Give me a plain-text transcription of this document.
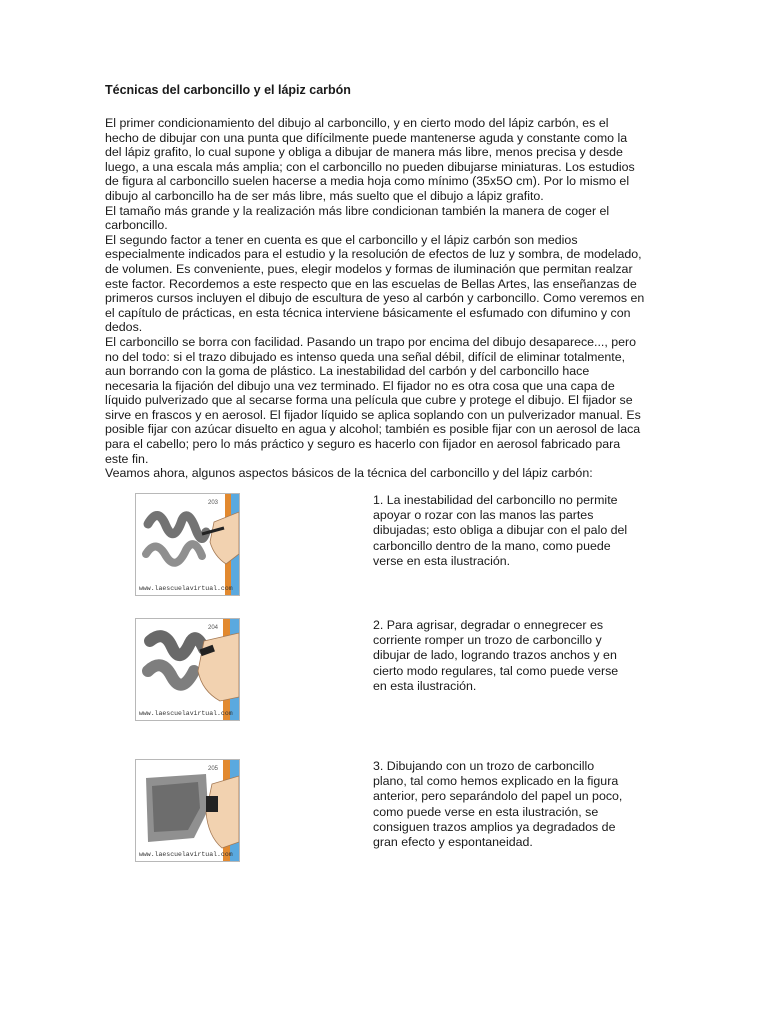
Técnicas del carboncillo y el lápiz carbón

El primer condicionamiento del dibujo al carboncillo, y en cierto modo del lápiz carbón, es el hecho de dibujar con una punta que difícilmente puede mantenerse aguda y constante como la del lápiz grafito, lo cual supone y obliga a dibujar de manera más libre, menos precisa y desde luego, a una escala más amplia; con el carboncillo no pueden dibujarse miniaturas. Los estudios de figura al carboncillo suelen hacerse a media hoja como mínimo (35x5O cm). Por lo mismo el dibujo al carboncillo ha de ser más libre, más suelto que el dibujo a lápiz grafito.

El tamaño más grande y la realización más libre condicionan también la manera de coger el carboncillo.

El segundo factor a tener en cuenta es que el carboncillo y el lápiz carbón son medios especialmente indicados para el estudio y la resolución de efectos de luz y sombra, de modelado, de volumen. Es conveniente, pues, elegir modelos y formas de iluminación que permitan realzar este factor. Recordemos a este respecto que en las escuelas de Bellas Artes, las enseñanzas de primeros cursos incluyen el dibujo de escultura de yeso al carbón y carboncillo. Como veremos en el capítulo de prácticas, en esta técnica interviene básicamente el esfumado con difumino y con dedos.

El carboncillo se borra con facilidad. Pasando un trapo por encima del dibujo desaparece..., pero no del todo: si el trazo dibujado es intenso queda una señal débil, difícil de eliminar totalmente, aun borrando con la goma de plástico. La inestabilidad del carbón y del carboncillo hace necesaria la fijación del dibujo una vez terminado. El fijador no es otra cosa que una capa de líquido pulverizado que al secarse forma una película que cubre y protege el dibujo. El fijador se sirve en frascos y en aerosol. El fijador líquido se aplica soplando con un pulverizador manual. Es posible fijar con azúcar disuelto en agua y alcohol; también es posible fijar con un aerosol de laca para el cabello; pero lo más práctico y seguro es hacerlo con fijador en aerosol fabricado para este fin.

Veamos ahora, algunos aspectos básicos de la técnica del carboncillo y del lápiz carbón:

203
www.laescuelavirtual.com
1. La inestabilidad del carboncillo no permite
apoyar o rozar con las manos las partes
dibujadas; esto obliga a dibujar con el palo del
carboncillo dentro de la mano, como puede
verse en esta ilustración.
204
www.laescuelavirtual.com
2. Para agrisar, degradar o ennegrecer es
corriente romper un trozo de carboncillo y
dibujar de lado, logrando trazos anchos y en
cierto modo regulares, tal como puede verse
en esta ilustración.
205
www.laescuelavirtual.com
3. Dibujando con un trozo de carboncillo
plano, tal como hemos explicado en la figura
anterior, pero separándolo del papel un poco,
como puede verse en esta ilustración, se
consiguen trazos amplios ya degradados de
gran efecto y espontaneidad.
